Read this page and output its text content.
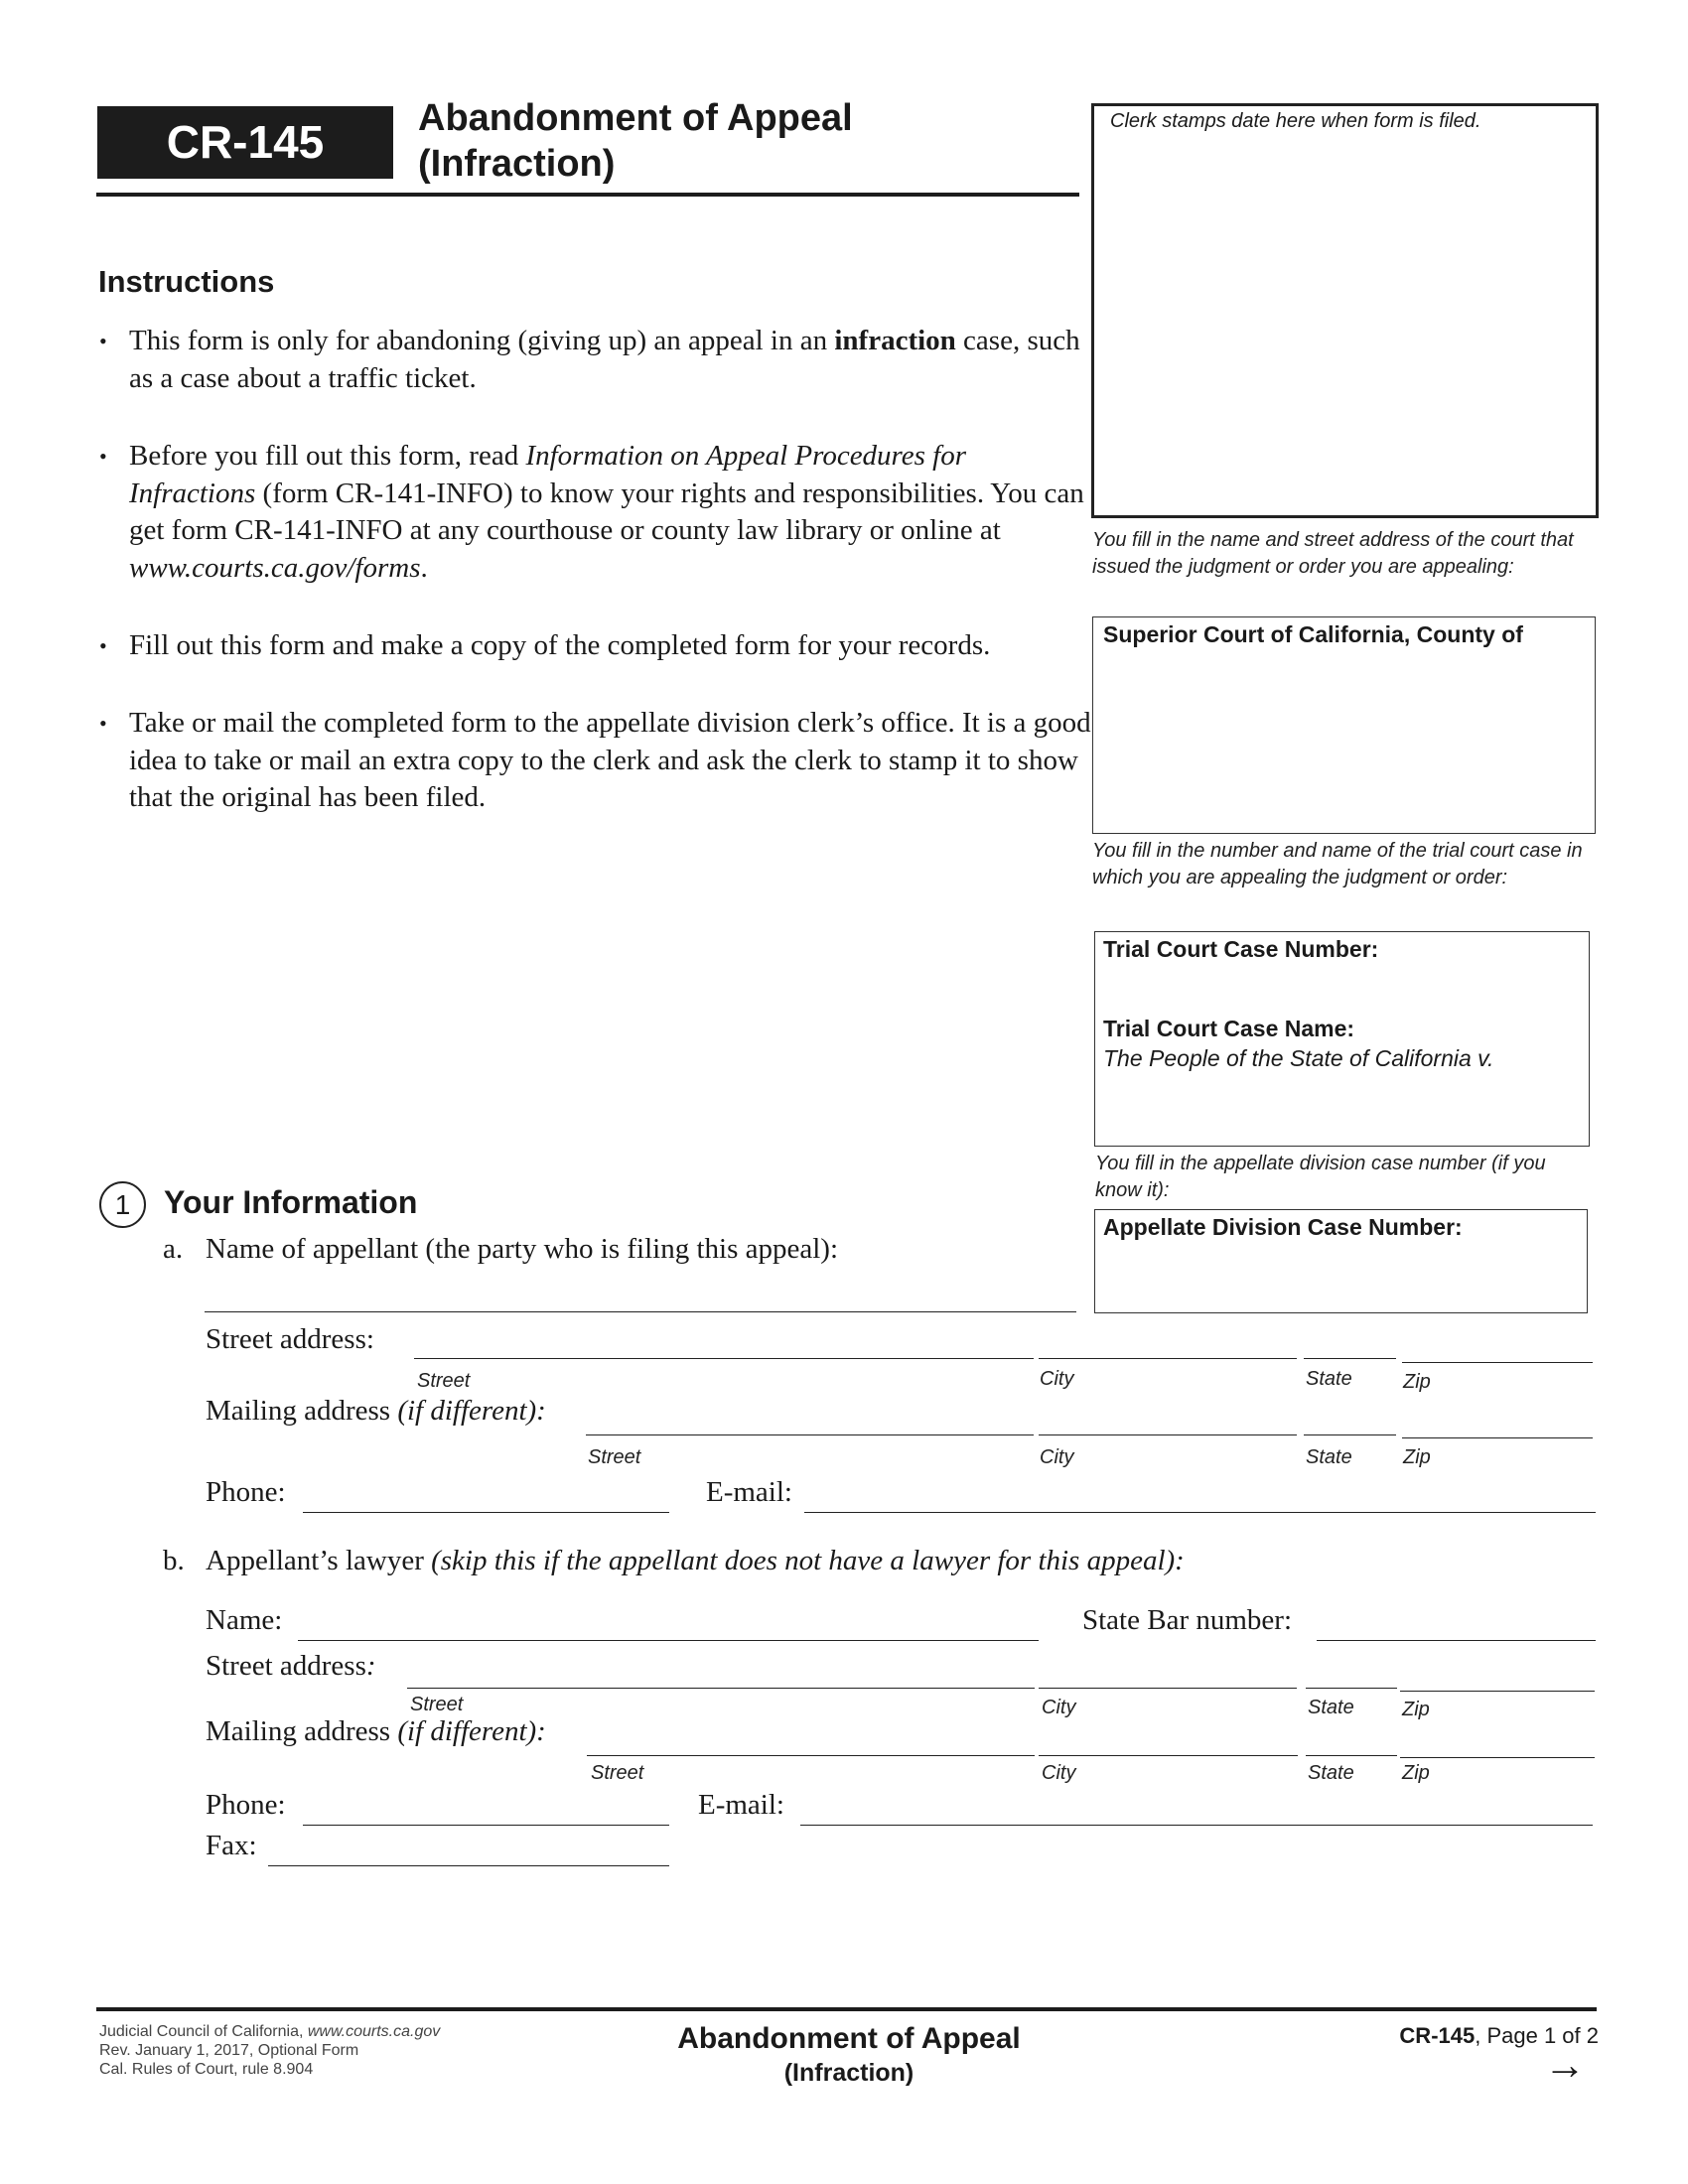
CR-145	Abandonment of Appeal
(Infraction)
Clerk stamps date here when form is filed.
Instructions
• This form is only for abandoning (giving up) an appeal in an infraction case, such as a case about a traffic ticket.
• Before you fill out this form, read Information on Appeal Procedures for Infractions (form CR-141-INFO) to know your rights and responsibilities. You can get form CR-141-INFO at any courthouse or county law library or online at www.courts.ca.gov/forms.
• Fill out this form and make a copy of the completed form for your records.
• Take or mail the completed form to the appellate division clerk’s office. It is a good idea to take or mail an extra copy to the clerk and ask the clerk to stamp it to show that the original has been filed.
You fill in the name and street address of the court that issued the judgment or order you are appealing:
Superior Court of California, County of
You fill in the number and name of the trial court case in which you are appealing the judgment or order:
Trial Court Case Number:
Trial Court Case Name:
The People of the State of California v.
You fill in the appellate division case number (if you know it):
Appellate Division Case Number:
1	Your Information
a. Name of appellant (the party who is filing this appeal):
Street address:
Street	City	State	Zip
Mailing address (if different):
Street	City	State	Zip
Phone:	E-mail:
b. Appellant’s lawyer (skip this if the appellant does not have a lawyer for this appeal):
Name:	State Bar number:
Street address:
Street	City	State Zip
Mailing address (if different):
Street	City	State Zip
Phone:	E-mail:
Fax:
Judicial Council of California, www.courts.ca.gov
Rev. January 1, 2017, Optional Form
Cal. Rules of Court, rule 8.904
Abandonment of Appeal
(Infraction)
CR-145, Page 1 of 2
→
